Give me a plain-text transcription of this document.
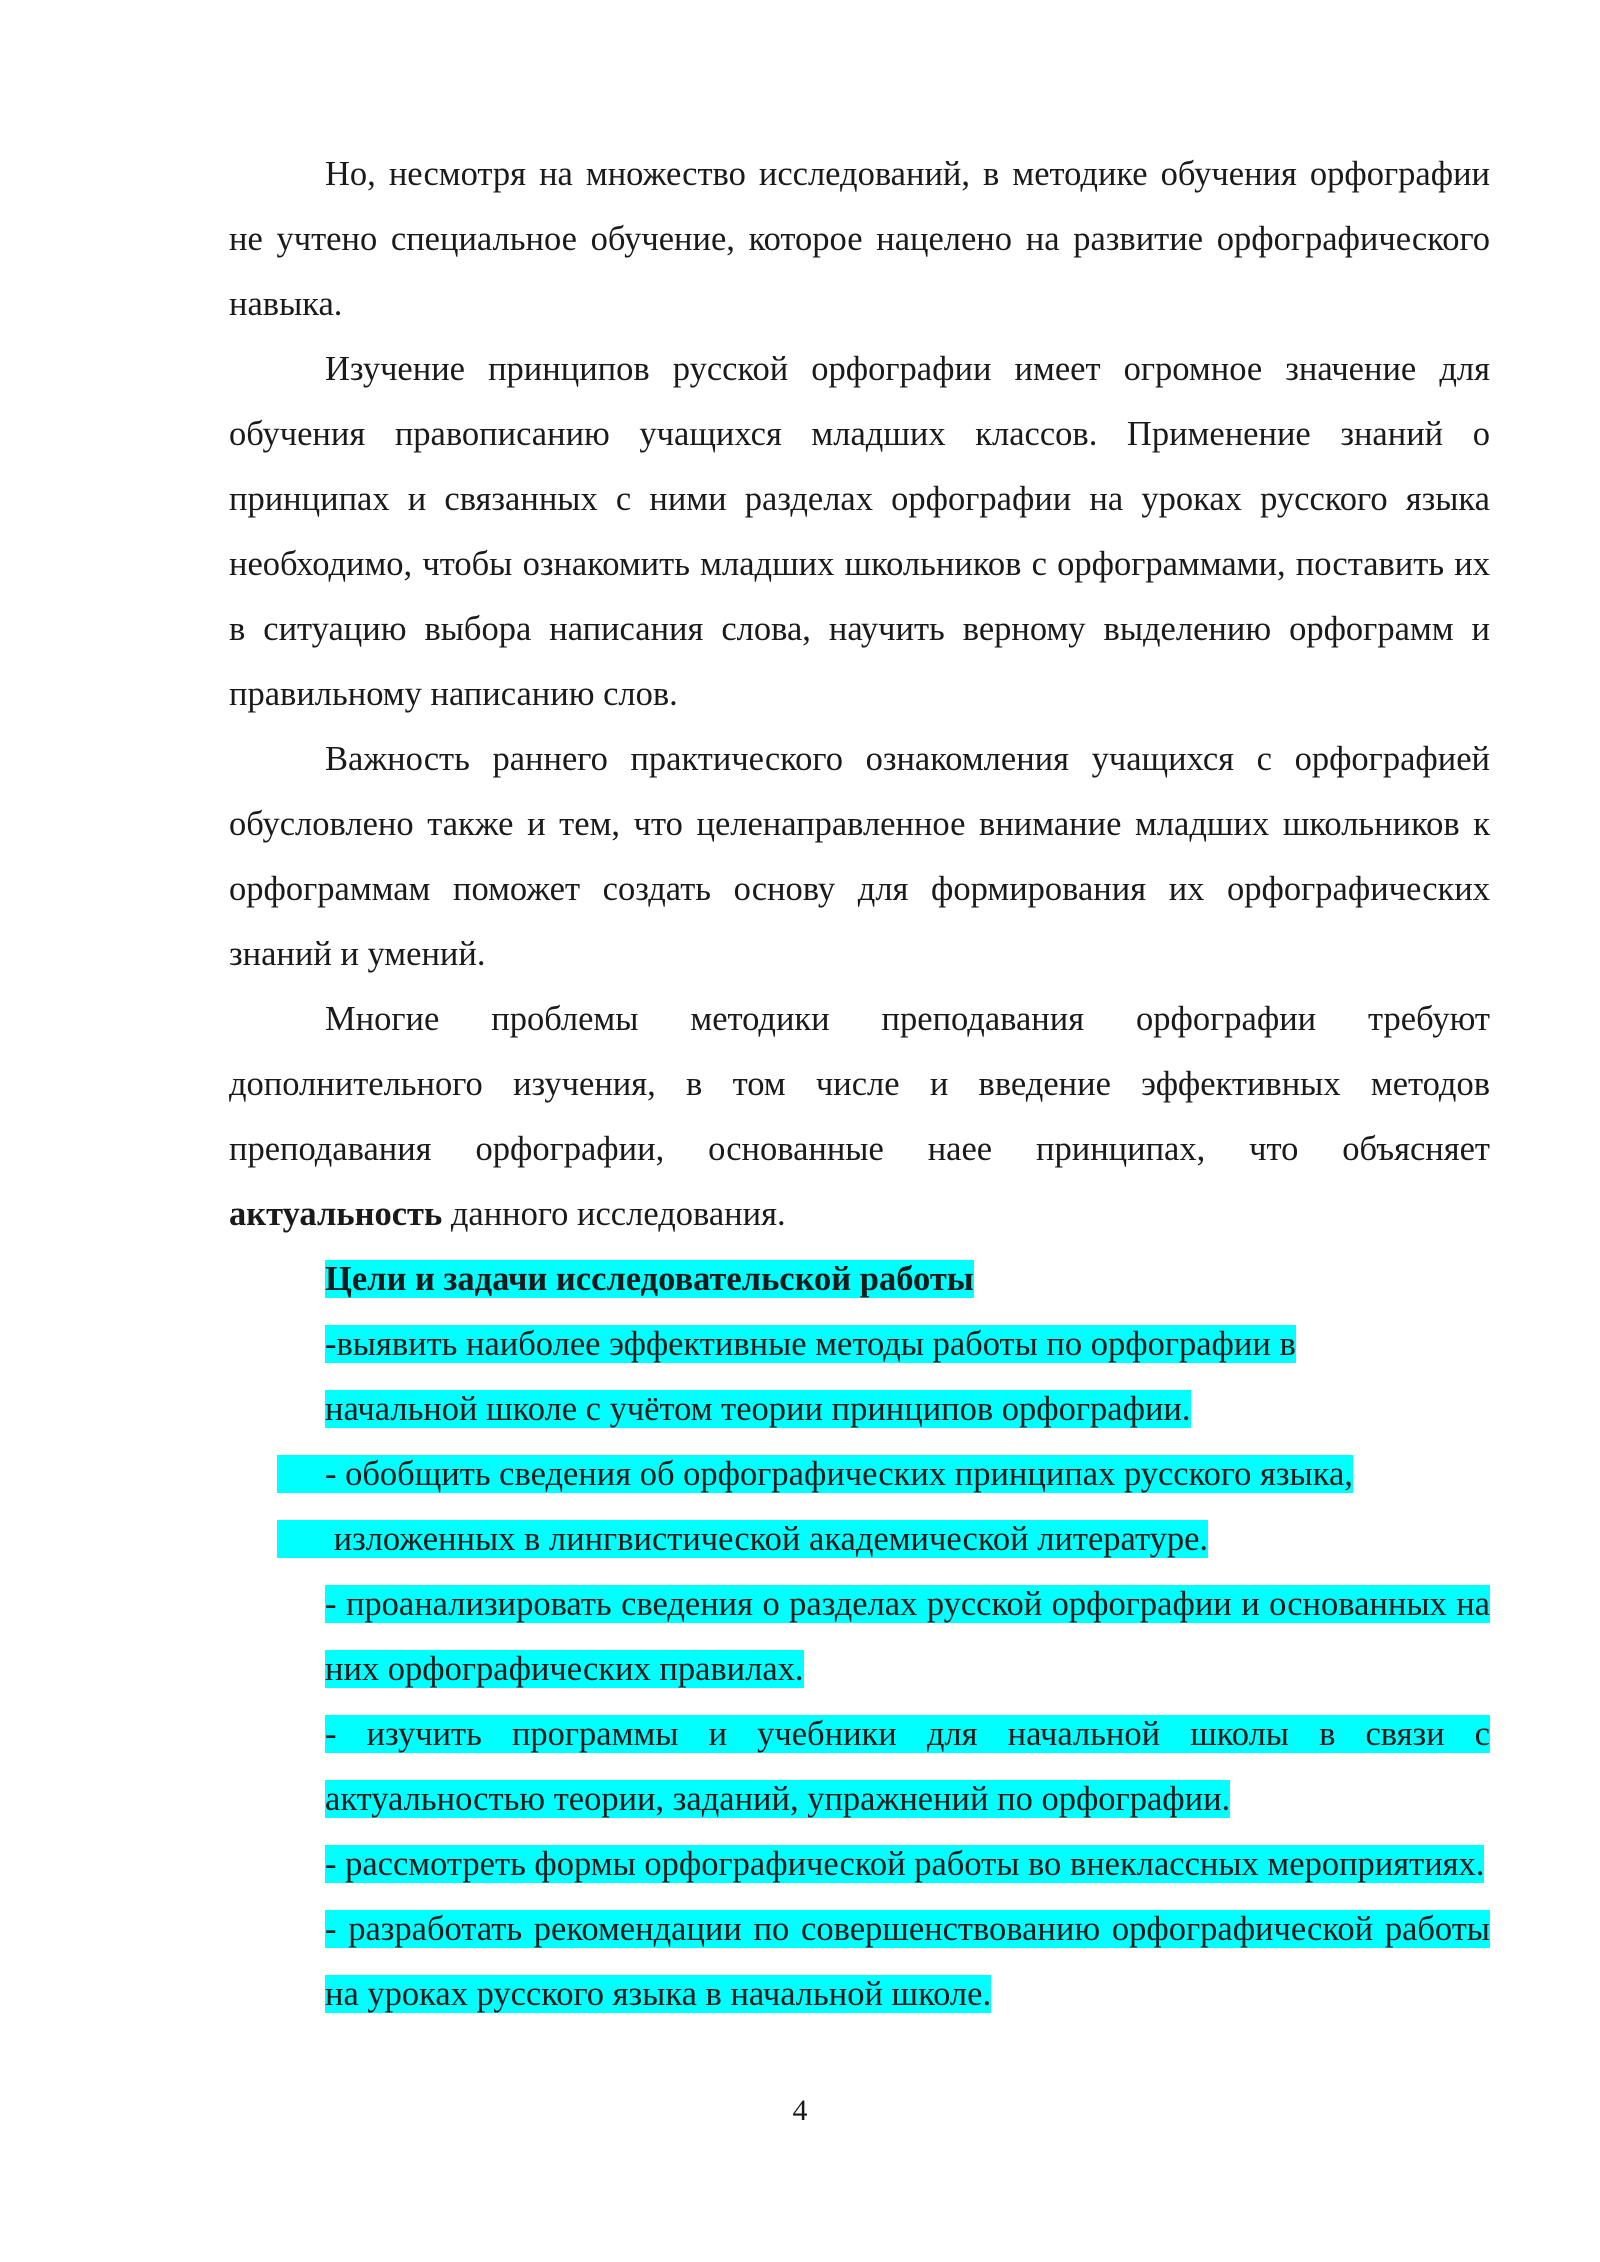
Но, несмотря на множество исследований, в методике обучения орфографии не учтено специальное обучение, которое нацелено на развитие орфографического навыка.

Изучение принципов русской орфографии имеет огромное значение для обучения правописанию учащихся младших классов. Применение знаний о принципах и связанных с ними разделах орфографии на уроках русского языка необходимо, чтобы ознакомить младших школьников с орфограммами, поставить их в ситуацию выбора написания слова, научить верному выделению орфограмм и правильному написанию слов.

Важность раннего практического ознакомления учащихся с орфографией обусловлено также и тем, что целенаправленное внимание младших школьников к орфограммам поможет создать основу для формирования их орфографических знаний и умений.

Многие проблемы методики преподавания орфографии требуют дополнительного изучения, в том числе и введение эффективных методов преподавания орфографии, основанные наее принципах, что объясняет актуальность данного исследования.

Цели и задачи исследовательской работы
-выявить наиболее эффективные методы работы по орфографии в начальной школе с учётом теории принципов орфографии.
- обобщить сведения об орфографических принципах русского языка,
изложенных в лингвистической академической литературе.
- проанализировать сведения о разделах русской орфографии и основанных на них орфографических правилах.
- изучить программы и учебники для начальной школы в связи с актуальностью теории, заданий, упражнений по орфографии.
- рассмотреть формы орфографической работы во внеклассных мероприятиях.
- разработать рекомендации по совершенствованию орфографической работы на уроках русского языка в начальной школе.
4
